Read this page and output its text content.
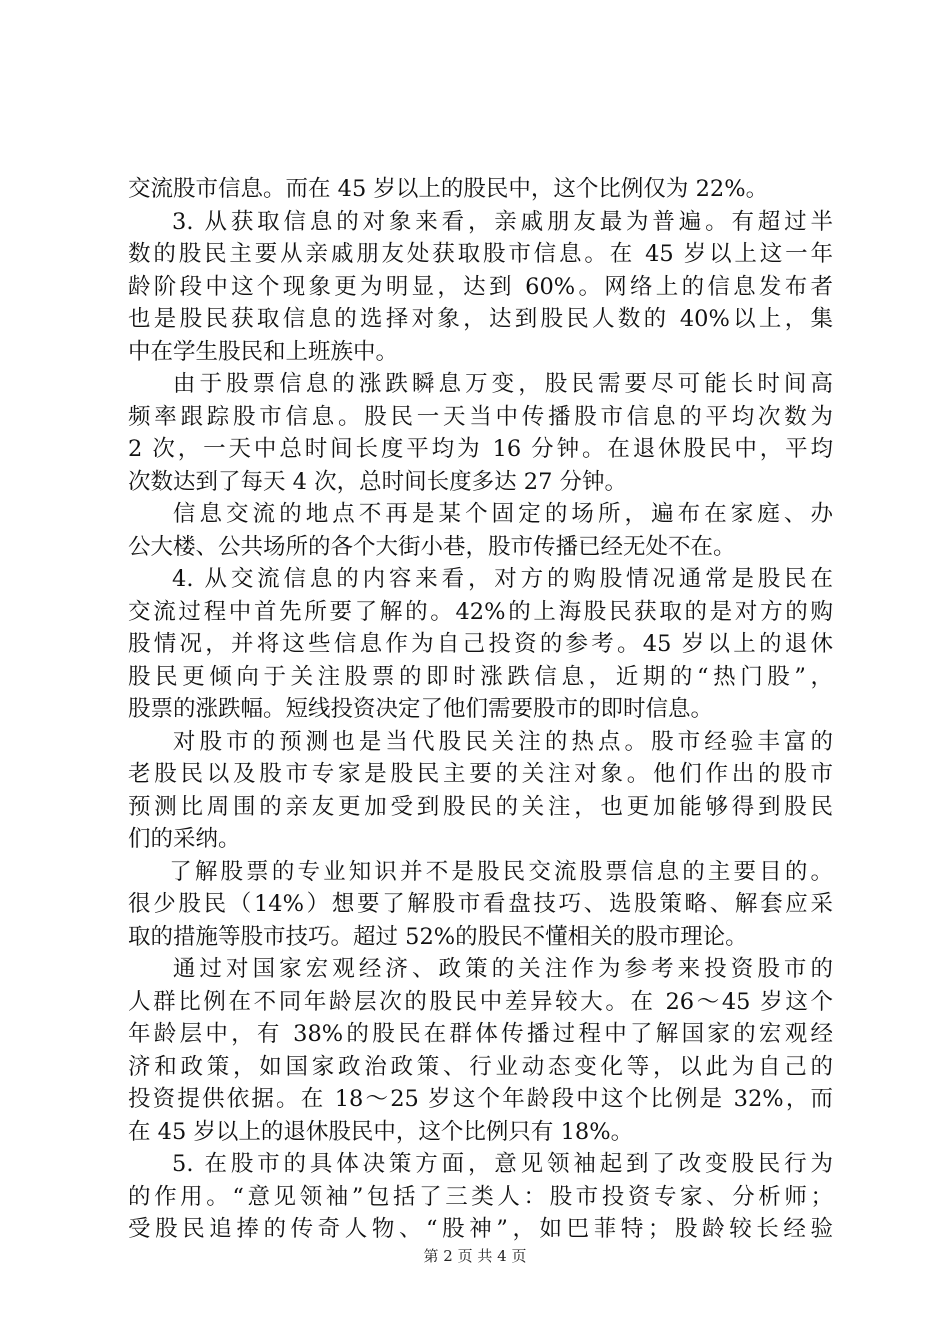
交流股市信息。而在 45 岁以上的股民中，这个比例仅为 22%。
3. 从获取信息的对象来看，亲戚朋友最为普遍。有超过半
数的股民主要从亲戚朋友处获取股市信息。在 45 岁以上这一年
龄阶段中这个现象更为明显，达到 60%。网络上的信息发布者
也是股民获取信息的选择对象，达到股民人数的 40%以上，集
中在学生股民和上班族中。
由于股票信息的涨跌瞬息万变，股民需要尽可能长时间高
频率跟踪股市信息。股民一天当中传播股市信息的平均次数为
2 次，一天中总时间长度平均为 16 分钟。在退休股民中，平均
次数达到了每天 4 次，总时间长度多达 27 分钟。
信息交流的地点不再是某个固定的场所，遍布在家庭、办
公大楼、公共场所的各个大街小巷，股市传播已经无处不在。
4. 从交流信息的内容来看，对方的购股情况通常是股民在
交流过程中首先所要了解的。42%的上海股民获取的是对方的购
股情况，并将这些信息作为自己投资的参考。45 岁以上的退休
股民更倾向于关注股票的即时涨跌信息，近期的“热门股”，
股票的涨跌幅。短线投资决定了他们需要股市的即时信息。
对股市的预测也是当代股民关注的热点。股市经验丰富的
老股民以及股市专家是股民主要的关注对象。他们作出的股市
预测比周围的亲友更加受到股民的关注，也更加能够得到股民
们的采纳。
了解股票的专业知识并不是股民交流股票信息的主要目的。
很少股民（14%）想要了解股市看盘技巧、选股策略、解套应采
取的措施等股市技巧。超过 52%的股民不懂相关的股市理论。
通过对国家宏观经济、政策的关注作为参考来投资股市的
人群比例在不同年龄层次的股民中差异较大。在 26～45 岁这个
年龄层中，有 38%的股民在群体传播过程中了解国家的宏观经
济和政策，如国家政治政策、行业动态变化等，以此为自己的
投资提供依据。在 18～25 岁这个年龄段中这个比例是 32%，而
在 45 岁以上的退休股民中，这个比例只有 18%。
5. 在股市的具体决策方面，意见领袖起到了改变股民行为
的作用。“意见领袖”包括了三类人：股市投资专家、分析师；
受股民追捧的传奇人物、“股神”，如巴菲特；股龄较长经验
第 2 页 共 4 页
